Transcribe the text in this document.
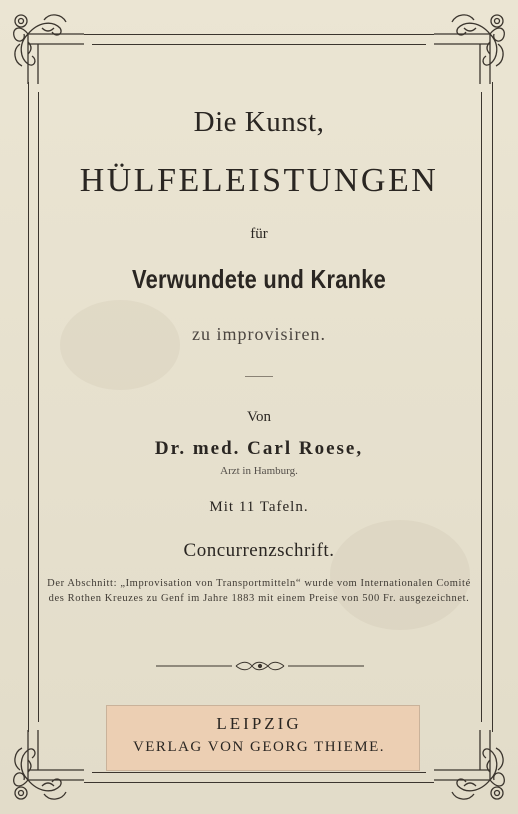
Die Kunst,
HÜLFELEISTUNGEN
für
Verwundete und Kranke
zu improvisiren.
Von
Dr. med. Carl Roese,
Arzt in Hamburg.
Mit 11 Tafeln.
Concurrenzschrift.
Der Abschnitt: „Improvisation von Transportmitteln“ wurde vom Internationalen Comité des Rothen Kreuzes zu Genf im Jahre 1883 mit einem Preise von 500 Fr. ausgezeichnet.
LEIPZIG
VERLAG VON GEORG THIEME.
